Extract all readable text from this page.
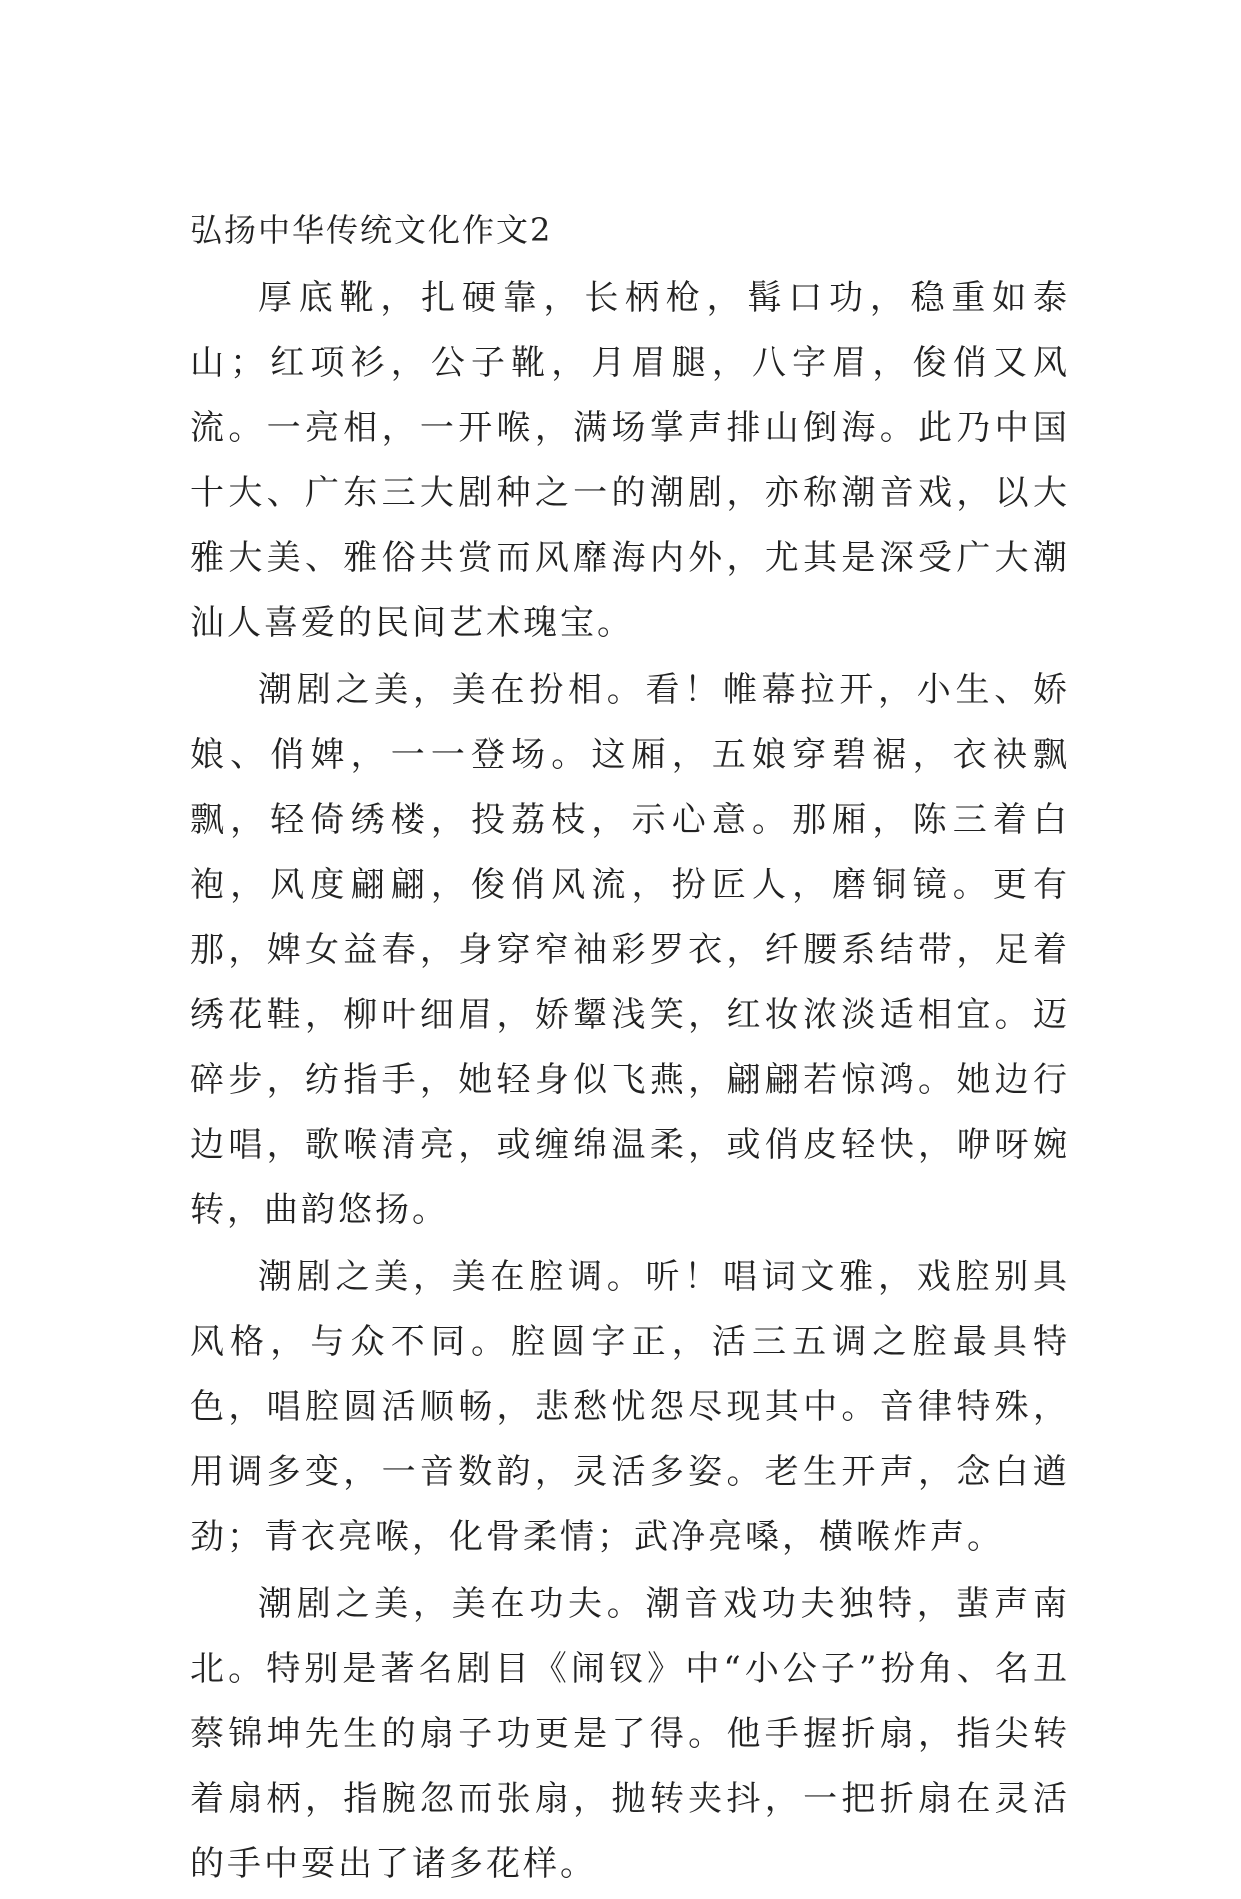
弘扬中华传统文化作文2

厚底靴，扎硬靠，长柄枪，髯口功，稳重如泰山；红项衫，公子靴，月眉腿，八字眉，俊俏又风流。一亮相，一开喉，满场掌声排山倒海。此乃中国十大、广东三大剧种之一的潮剧，亦称潮音戏，以大雅大美、雅俗共赏而风靡海内外，尤其是深受广大潮汕人喜爱的民间艺术瑰宝。

潮剧之美，美在扮相。看！帷幕拉开，小生、娇娘、俏婢，一一登场。这厢，五娘穿碧裾，衣袂飘飘，轻倚绣楼，投荔枝，示心意。那厢，陈三着白袍，风度翩翩，俊俏风流，扮匠人，磨铜镜。更有那，婢女益春，身穿窄袖彩罗衣，纤腰系结带，足着绣花鞋，柳叶细眉，娇颦浅笑，红妆浓淡适相宜。迈碎步，纺指手，她轻身似飞燕，翩翩若惊鸿。她边行边唱，歌喉清亮，或缠绵温柔，或俏皮轻快，咿呀婉转，曲韵悠扬。

潮剧之美，美在腔调。听！唱词文雅，戏腔别具风格，与众不同。腔圆字正，活三五调之腔最具特色，唱腔圆活顺畅，悲愁忧怨尽现其中。音律特殊，用调多变，一音数韵，灵活多姿。老生开声，念白遒劲；青衣亮喉，化骨柔情；武净亮嗓，横喉炸声。

潮剧之美，美在功夫。潮音戏功夫独特，蜚声南北。特别是著名剧目《闹钗》中“小公子”扮角、名丑蔡锦坤先生的扇子功更是了得。他手握折扇，指尖转着扇柄，指腕忽而张扇，抛转夹抖，一把折扇在灵活的手中耍出了诸多花样。
